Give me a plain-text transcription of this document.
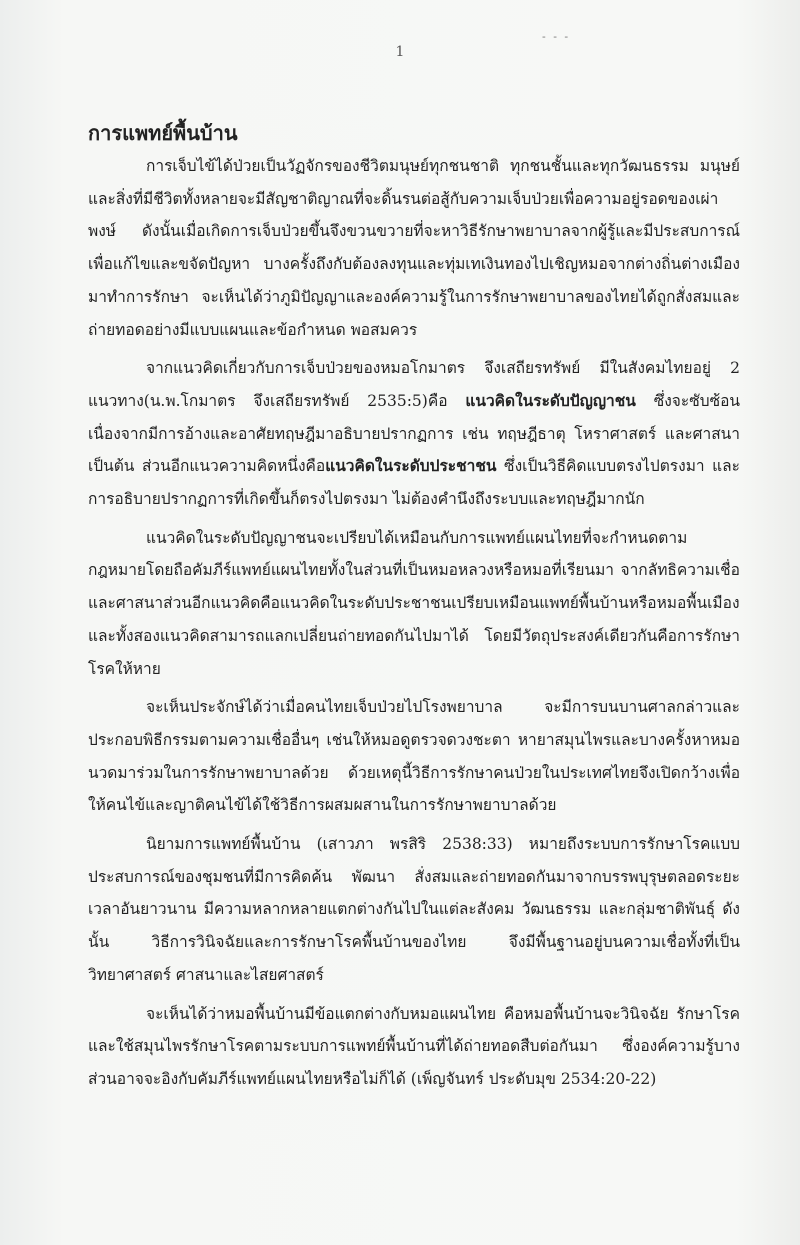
- - -
1
การแพทย์พื้นบ้าน

การเจ็บไข้ได้ป่วยเป็นวัฏจักรของชีวิตมนุษย์ทุกชนชาติ ทุกชนชั้นและทุกวัฒนธรรม มนุษย์และสิ่งที่มีชีวิตทั้งหลายจะมีสัญชาติญาณที่จะดิ้นรนต่อสู้กับความเจ็บป่วยเพื่อความอยู่รอดของเผ่าพงษ์ ดังนั้นเมื่อเกิดการเจ็บป่วยขึ้นจึงขวนขวายที่จะหาวิธีรักษาพยาบาลจากผู้รู้และมีประสบการณ์ เพื่อแก้ไขและขจัดปัญหา บางครั้งถึงกับต้องลงทุนและทุ่มเทเงินทองไปเชิญหมอจากต่างถิ่นต่างเมืองมาทำการรักษา จะเห็นได้ว่าภูมิปัญญาและองค์ความรู้ในการรักษาพยาบาลของไทยได้ถูกสั่งสมและถ่ายทอดอย่างมีแบบแผนและข้อกำหนด พอสมควร

จากแนวคิดเกี่ยวกับการเจ็บป่วยของหมอโกมาตร จึงเสถียรทรัพย์ มีในสังคมไทยอยู่ 2 แนวทาง(น.พ.โกมาตร จึงเสถียรทรัพย์ 2535:5)คือ แนวคิดในระดับปัญญาชน ซึ่งจะซับซ้อนเนื่องจากมีการอ้างและอาศัยทฤษฎีมาอธิบายปรากฏการ เช่น ทฤษฎีธาตุ โหราศาสตร์ และศาสนาเป็นต้น ส่วนอีกแนวความคิดหนึ่งคือแนวคิดในระดับประชาชน ซึ่งเป็นวิธีคิดแบบตรงไปตรงมา และการอธิบายปรากฏการที่เกิดขึ้นก็ตรงไปตรงมา ไม่ต้องคำนึงถึงระบบและทฤษฎีมากนัก

แนวคิดในระดับปัญญาชนจะเปรียบได้เหมือนกับการแพทย์แผนไทยที่จะกำหนดตามกฎหมายโดยถือคัมภีร์แพทย์แผนไทยทั้งในส่วนที่เป็นหมอหลวงหรือหมอที่เรียนมา จากลัทธิความเชื่อและศาสนาส่วนอีกแนวคิดคือแนวคิดในระดับประชาชนเปรียบเหมือนแพทย์พื้นบ้านหรือหมอพื้นเมือง และทั้งสองแนวคิดสามารถแลกเปลี่ยนถ่ายทอดกันไปมาได้ โดยมีวัตถุประสงค์เดียวกันคือการรักษาโรคให้หาย

จะเห็นประจักษ์ได้ว่าเมื่อคนไทยเจ็บป่วยไปโรงพยาบาล จะมีการบนบานศาลกล่าวและประกอบพิธีกรรมตามความเชื่ออื่นๆ เช่นให้หมอดูตรวจดวงชะตา หายาสมุนไพรและบางครั้งหาหมอนวดมาร่วมในการรักษาพยาบาลด้วย ด้วยเหตุนี้วิธีการรักษาคนป่วยในประเทศไทยจึงเปิดกว้างเพื่อให้คนไข้และญาติคนไข้ได้ใช้วิธีการผสมผสานในการรักษาพยาบาลด้วย

นิยามการแพทย์พื้นบ้าน (เสาวภา พรสิริ 2538:33) หมายถึงระบบการรักษาโรคแบบประสบการณ์ของชุมชนที่มีการคิดค้น พัฒนา สั่งสมและถ่ายทอดกันมาจากบรรพบุรุษตลอดระยะเวลาอันยาวนาน มีความหลากหลายแตกต่างกันไปในแต่ละสังคม วัฒนธรรม และกลุ่มชาติพันธุ์ ดังนั้น วิธีการวินิจฉัยและการรักษาโรคพื้นบ้านของไทย จึงมีพื้นฐานอยู่บนความเชื่อทั้งที่เป็นวิทยาศาสตร์ ศาสนาและไสยศาสตร์

จะเห็นได้ว่าหมอพื้นบ้านมีข้อแตกต่างกับหมอแผนไทย คือหมอพื้นบ้านจะวินิจฉัย รักษาโรคและใช้สมุนไพรรักษาโรคตามระบบการแพทย์พื้นบ้านที่ได้ถ่ายทอดสืบต่อกันมา ซึ่งองค์ความรู้บางส่วนอาจจะอิงกับคัมภีร์แพทย์แผนไทยหรือไม่ก็ได้ (เพ็ญจันทร์ ประดับมุข 2534:20-22)
